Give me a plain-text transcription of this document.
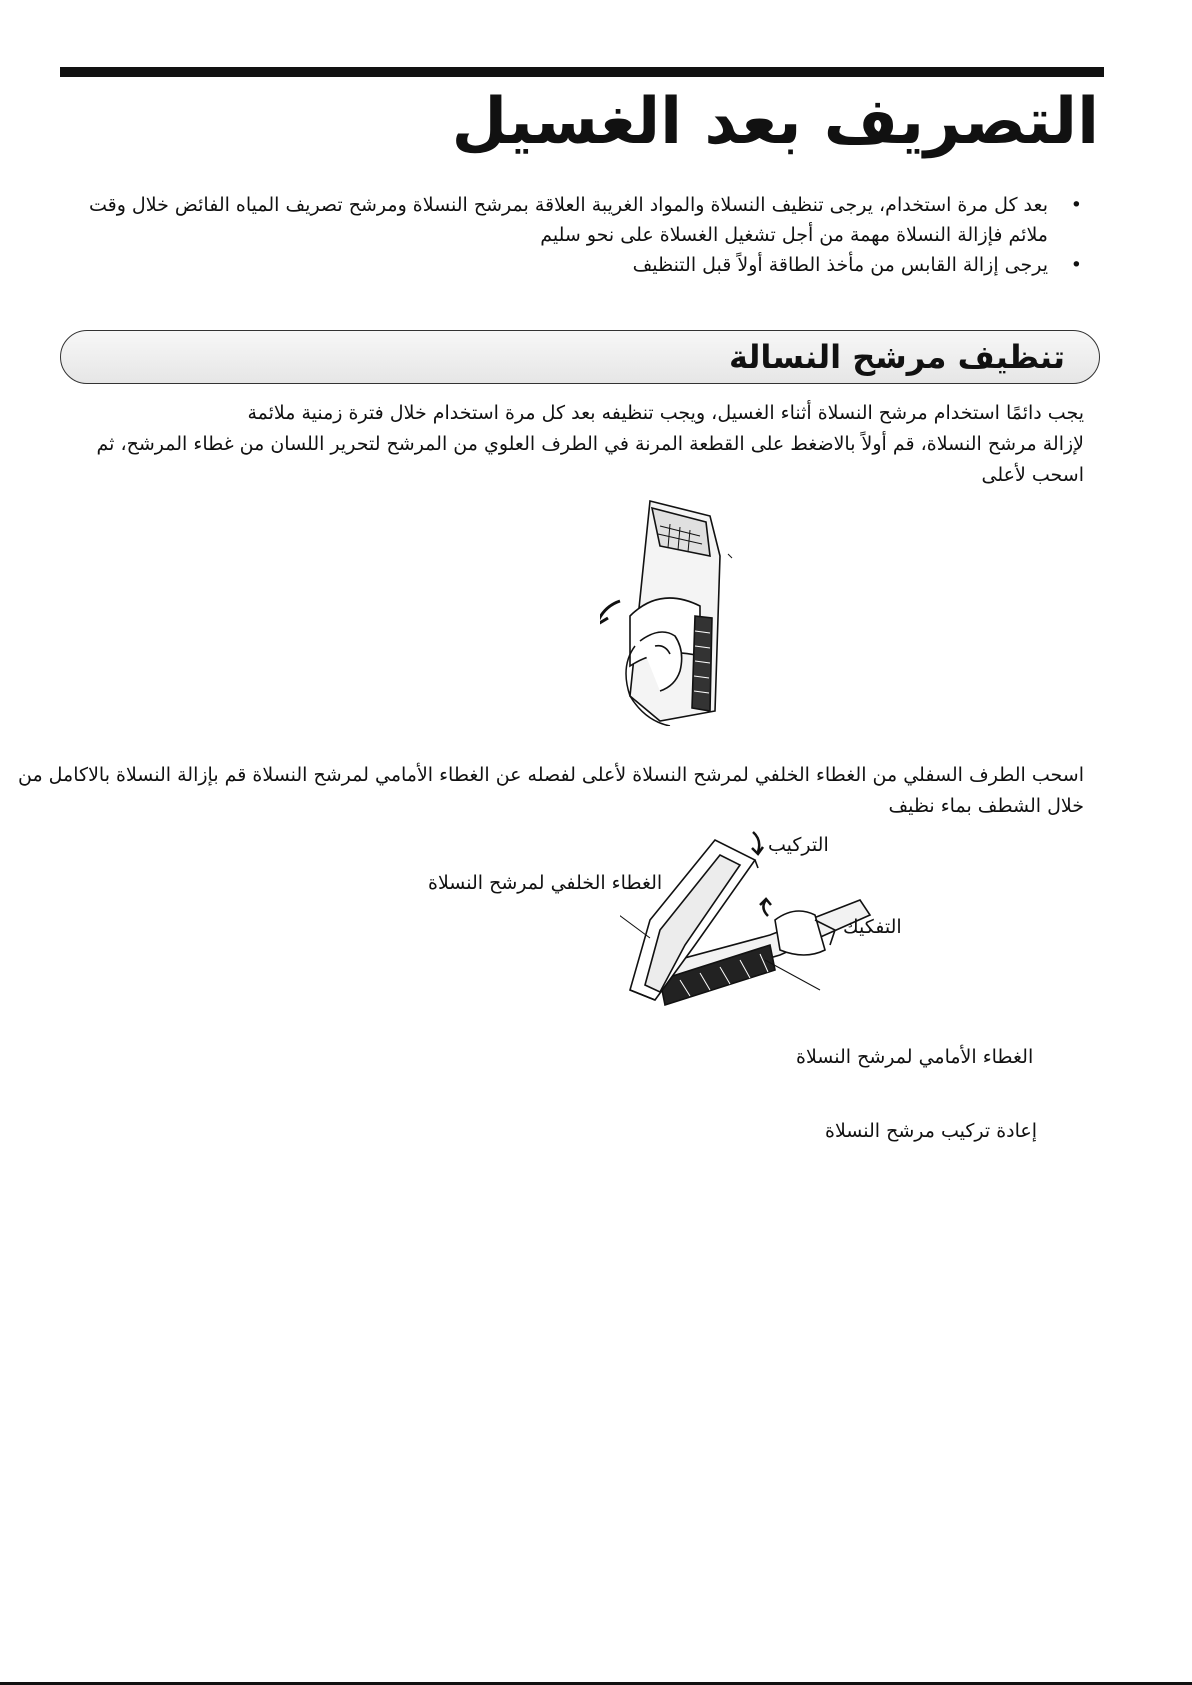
التصريف بعد الغسيل
• بعد كل مرة استخدام، يرجى تنظيف النسلاة والمواد الغريبة العلاقة بمرشح النسلاة ومرشح تصريف المياه الفائض خلال وقت ملائم فإزالة النسلاة مهمة من أجل تشغيل الغسلاة على نحو سليم
• يرجى إزالة القابس من مأخذ الطاقة أولاً قبل التنظيف
تنظيف مرشح النسالة
يجب دائمًا استخدام مرشح النسلاة أثناء الغسيل، ويجب تنظيفه بعد كل مرة استخدام خلال فترة زمنية ملائمة
لإزالة مرشح النسلاة، قم أولاً بالاضغط على القطعة المرنة في الطرف العلوي من المرشح لتحرير اللسان من غطاء المرشح، ثم اسحب لأعلى
اسحب الطرف السفلي من الغطاء الخلفي لمرشح النسلاة لأعلى لفصله عن الغطاء الأمامي لمرشح النسلاة قم بإزالة النسلاة بالاكامل من خلال الشطف بماء نظيف
التركيب
الغطاء الخلفي لمرشح النسلاة
التفكيك
الغطاء الأمامي لمرشح النسلاة
إعادة تركيب مرشح النسلاة
